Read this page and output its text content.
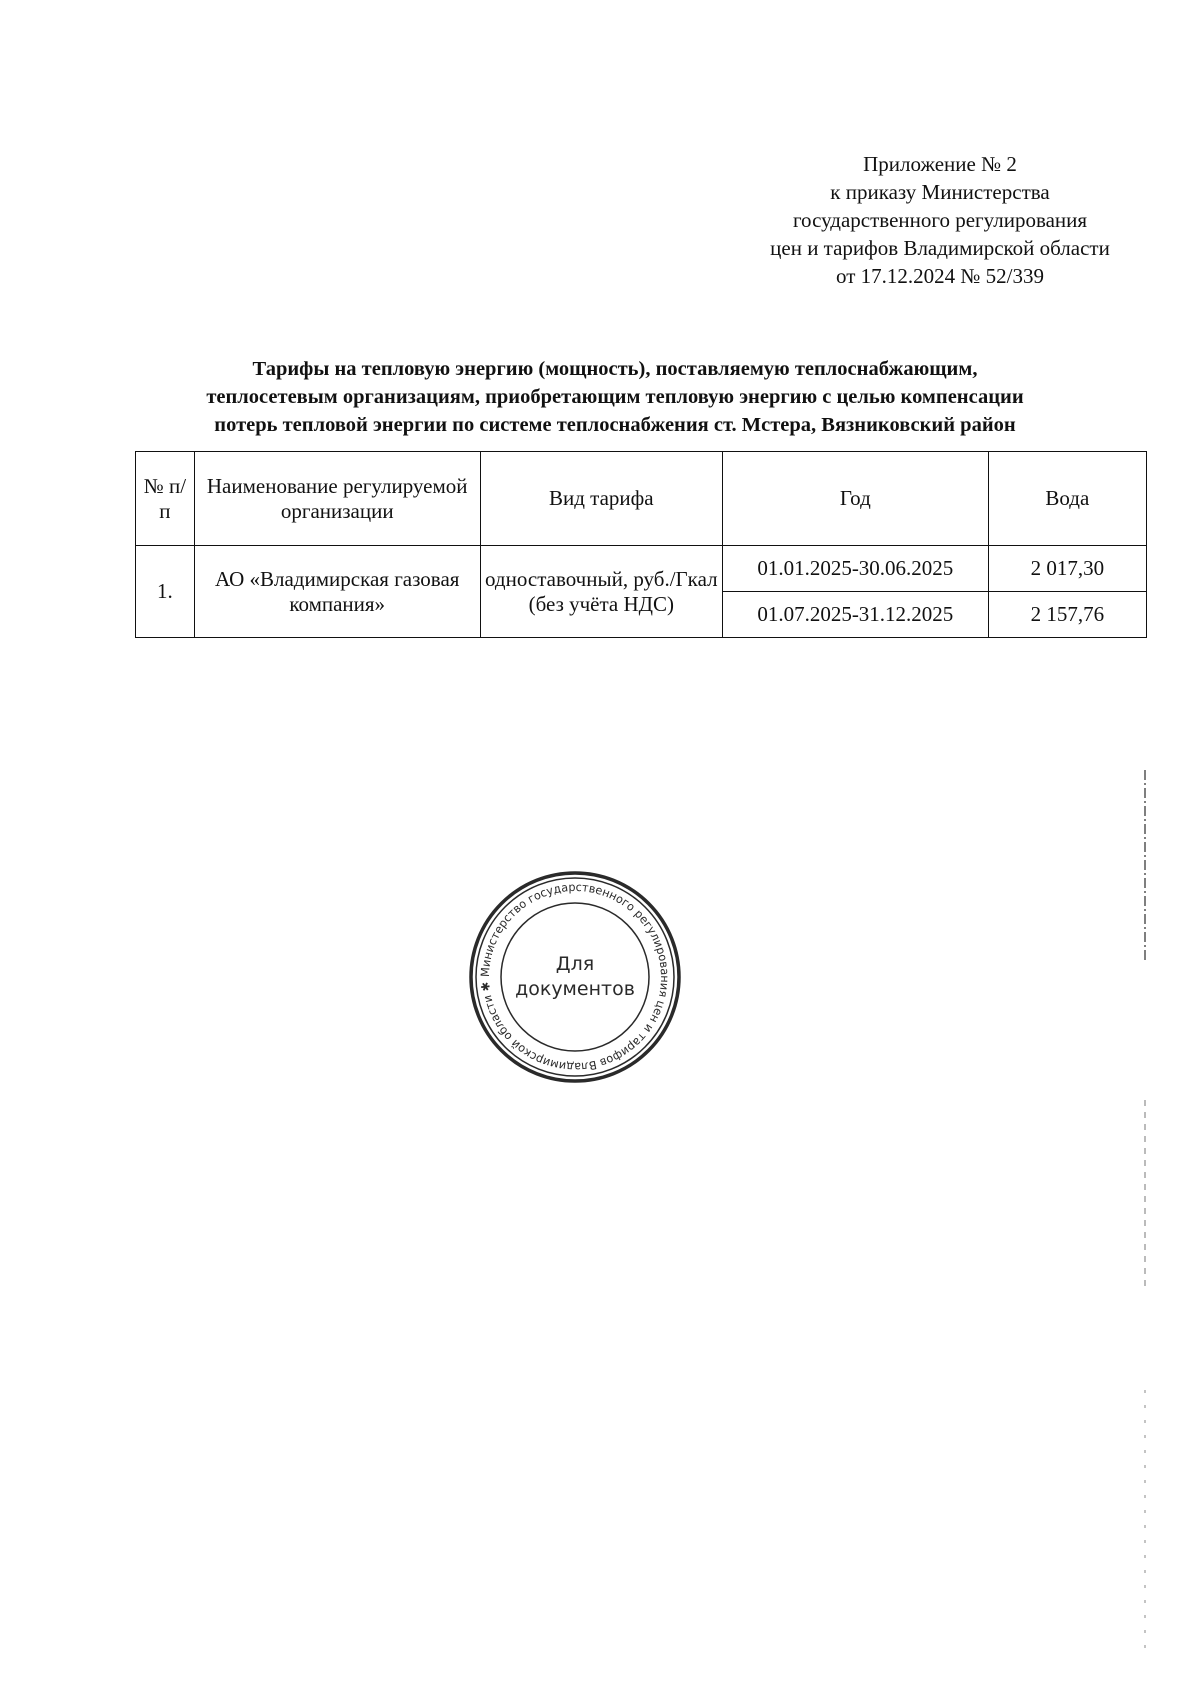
Приложение № 2
к приказу Министерства
государственного регулирования
цен и тарифов Владимирской области
от 17.12.2024 № 52/339
Тарифы на тепловую энергию (мощность), поставляемую теплоснабжающим,
теплосетевым организациям, приобретающим тепловую энергию с целью компенсации
потерь тепловой энергии по системе теплоснабжения ст. Мстера, Вязниковский район
№ п/п	Наименование регулируемой организации	Вид тарифа	Год	Вода
1.	АО «Владимирская газовая компания»	одноставочный, руб./Гкал (без учёта НДС)	01.01.2025-30.06.2025	2 017,30
			01.07.2025-31.12.2025	2 157,76
Министерство государственного регулирования цен и тарифов Владимирской области ✱
Для
документов
